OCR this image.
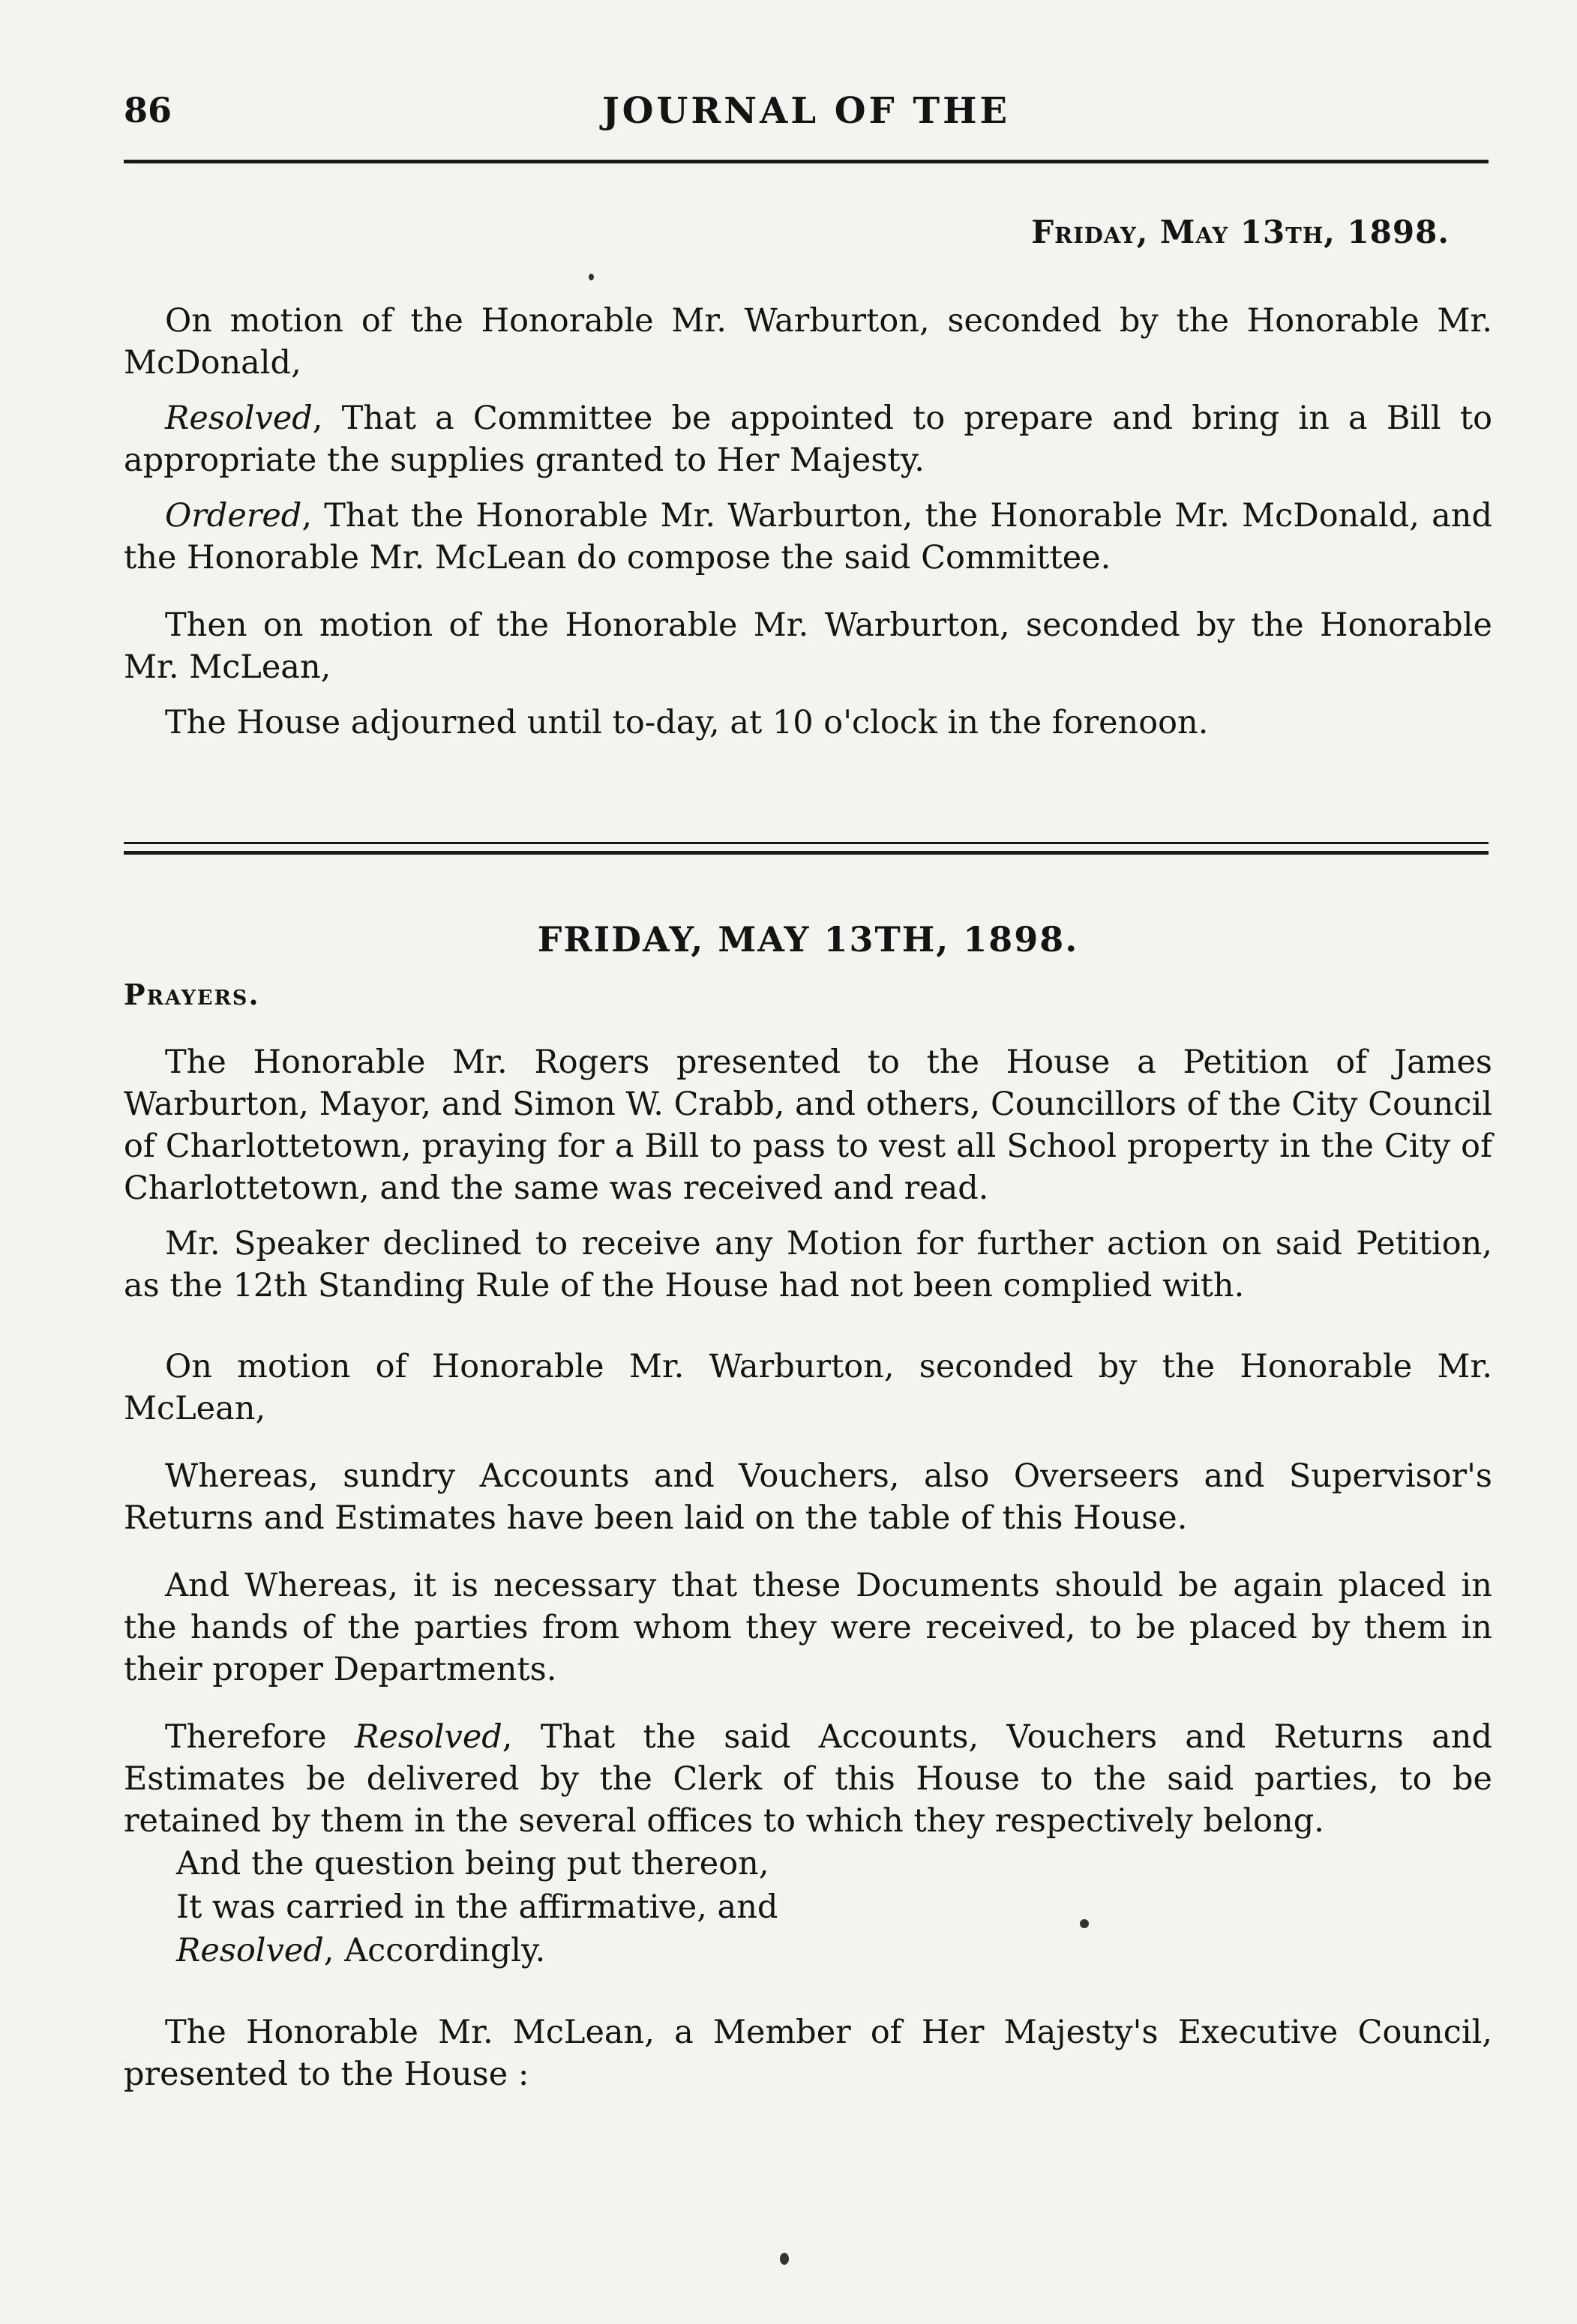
86	JOURNAL OF THE
Friday, May 13th, 1898.

On motion of the Honorable Mr. Warburton, seconded by the Honorable Mr. McDonald,

Resolved, That a Committee be appointed to prepare and bring in a Bill to appropriate the supplies granted to Her Majesty.

Ordered, That the Honorable Mr. Warburton, the Honorable Mr. McDonald, and the Honorable Mr. McLean do compose the said Committee.

Then on motion of the Honorable Mr. Warburton, seconded by the Honorable Mr. McLean,

The House adjourned until to-day, at 10 o'clock in the forenoon.

FRIDAY, MAY 13TH, 1898.

Prayers.

The Honorable Mr. Rogers presented to the House a Petition of James Warburton, Mayor, and Simon W. Crabb, and others, Councillors of the City Council of Charlottetown, praying for a Bill to pass to vest all School property in the City of Charlottetown, and the same was received and read.

Mr. Speaker declined to receive any Motion for further action on said Petition, as the 12th Standing Rule of the House had not been complied with.

On motion of Honorable Mr. Warburton, seconded by the Honorable Mr. McLean,

Whereas, sundry Accounts and Vouchers, also Overseers and Supervisor's Returns and Estimates have been laid on the table of this House.

And Whereas, it is necessary that these Documents should be again placed in the hands of the parties from whom they were received, to be placed by them in their proper Departments.

Therefore Resolved, That the said Accounts, Vouchers and Returns and Estimates be delivered by the Clerk of this House to the said parties, to be retained by them in the several offices to which they respectively belong.

And the question being put thereon,

It was carried in the affirmative, and

Resolved, Accordingly.

The Honorable Mr. McLean, a Member of Her Majesty's Executive Council, presented to the House :
